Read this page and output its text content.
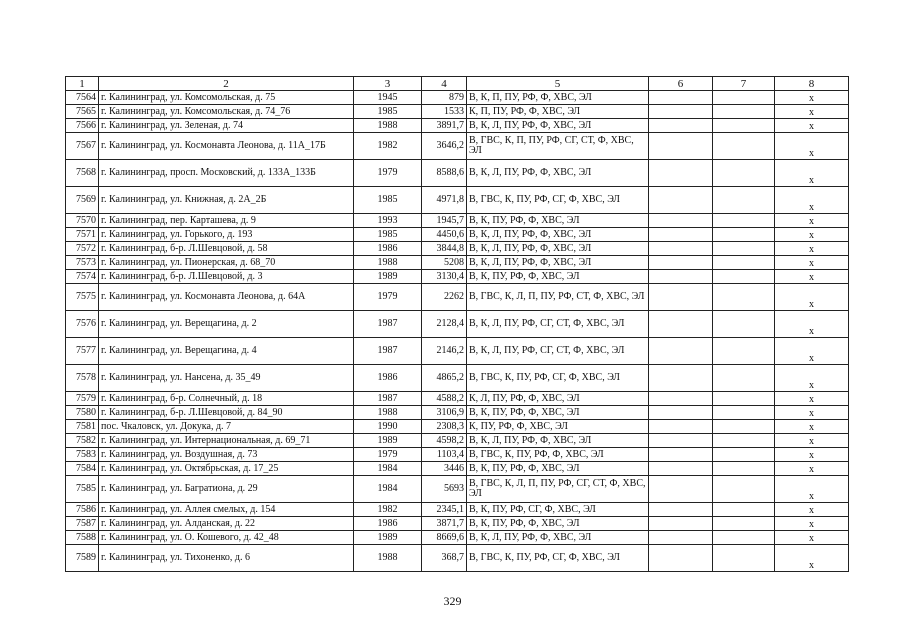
1	2	3	4	5	6	7	8
7564	г. Калининград, ул. Комсомольская, д. 75	1945	879	В, К, П, ПУ, РФ, Ф, ХВС, ЭЛ			х
7565	г. Калининград, ул. Комсомольская, д. 74_76	1985	1533	К, П, ПУ, РФ, Ф, ХВС, ЭЛ			х
7566	г. Калининград, ул. Зеленая, д. 74	1988	3891,7	В, К, Л, ПУ, РФ, Ф, ХВС, ЭЛ			х
7567	г. Калининград, ул. Космонавта Леонова, д. 11А_17Б	1982	3646,2	В, ГВС, К, П, ПУ, РФ, СГ, СТ, Ф, ХВС, ЭЛ			х
7568	г. Калининград, просп. Московский, д. 133А_133Б	1979	8588,6	В, К, Л, ПУ, РФ, Ф, ХВС, ЭЛ			х
7569	г. Калининград, ул. Книжная, д. 2А_2Б	1985	4971,8	В, ГВС, К, ПУ, РФ, СГ, Ф, ХВС, ЭЛ			х
7570	г. Калининград, пер. Карташева, д. 9	1993	1945,7	В, К, ПУ, РФ, Ф, ХВС, ЭЛ			х
7571	г. Калининград, ул. Горького, д. 193	1985	4450,6	В, К, Л, ПУ, РФ, Ф, ХВС, ЭЛ			х
7572	г. Калининград, б-р. Л.Шевцовой, д. 58	1986	3844,8	В, К, Л, ПУ, РФ, Ф, ХВС, ЭЛ			х
7573	г. Калининград, ул. Пионерская, д. 68_70	1988	5208	В, К, Л, ПУ, РФ, Ф, ХВС, ЭЛ			х
7574	г. Калининград, б-р. Л.Шевцовой, д. 3	1989	3130,4	В, К, ПУ, РФ, Ф, ХВС, ЭЛ			х
7575	г. Калининград, ул. Космонавта Леонова, д. 64А	1979	2262	В, ГВС, К, Л, П, ПУ, РФ, СТ, Ф, ХВС, ЭЛ			х
7576	г. Калининград, ул. Верещагина, д. 2	1987	2128,4	В, К, Л, ПУ, РФ, СГ, СТ, Ф, ХВС, ЭЛ			х
7577	г. Калининград, ул. Верещагина, д. 4	1987	2146,2	В, К, Л, ПУ, РФ, СГ, СТ, Ф, ХВС, ЭЛ			х
7578	г. Калининград, ул. Нансена, д. 35_49	1986	4865,2	В, ГВС, К, ПУ, РФ, СГ, Ф, ХВС, ЭЛ			х
7579	г. Калининград, б-р. Солнечный, д. 18	1987	4588,2	К, Л, ПУ, РФ, Ф, ХВС, ЭЛ			х
7580	г. Калининград, б-р. Л.Шевцовой, д. 84_90	1988	3106,9	В, К, ПУ, РФ, Ф, ХВС, ЭЛ			х
7581	пос. Чкаловск, ул. Докука, д. 7	1990	2308,3	К, ПУ, РФ, Ф, ХВС, ЭЛ			х
7582	г. Калининград, ул. Интернациональная, д. 69_71	1989	4598,2	В, К, Л, ПУ, РФ, Ф, ХВС, ЭЛ			х
7583	г. Калининград, ул. Воздушная, д. 73	1979	1103,4	В, ГВС, К, ПУ, РФ, Ф, ХВС, ЭЛ			х
7584	г. Калининград, ул. Октябрьская, д. 17_25	1984	3446	В, К, ПУ, РФ, Ф, ХВС, ЭЛ			х
7585	г. Калининград, ул. Багратиона, д. 29	1984	5693	В, ГВС, К, Л, П, ПУ, РФ, СГ, СТ, Ф, ХВС, ЭЛ			х
7586	г. Калининград, ул. Аллея смелых, д. 154	1982	2345,1	В, К, ПУ, РФ, СГ, Ф, ХВС, ЭЛ			х
7587	г. Калининград, ул. Алданская, д. 22	1986	3871,7	В, К, ПУ, РФ, Ф, ХВС, ЭЛ			х
7588	г. Калининград, ул. О. Кошевого, д. 42_48	1989	8669,6	В, К, Л, ПУ, РФ, Ф, ХВС, ЭЛ			х
7589	г. Калининград, ул. Тихоненко, д. 6	1988	368,7	В, ГВС, К, ПУ, РФ, СГ, Ф, ХВС, ЭЛ			х
329
